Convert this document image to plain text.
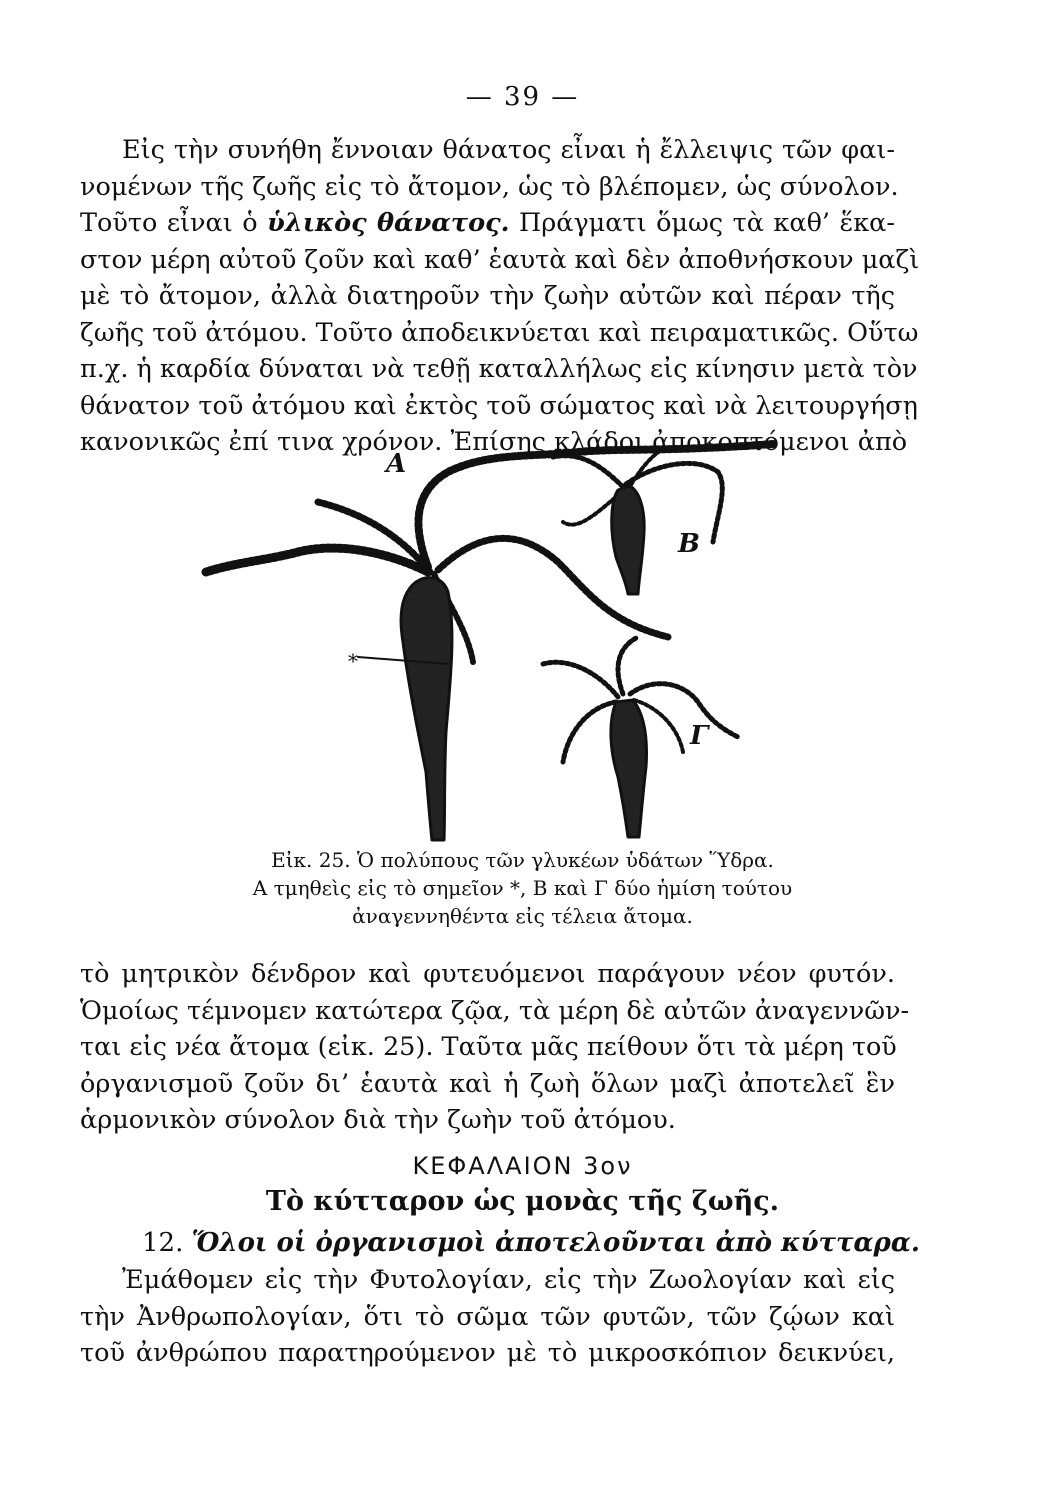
— 39 —
Εἰς τὴν συνήθη ἔννοιαν θάνατος εἶναι ἡ ἔλλειψις τῶν φαι-
νομένων τῆς ζωῆς εἰς τὸ ἄτομον, ὡς τὸ βλέπομεν, ὡς σύνολον.
Τοῦτο εἶναι ὁ ὑλικὸς θάνατος. Πράγματι ὅμως τὰ καθ’ ἕκα-
στον μέρη αὐτοῦ ζοῦν καὶ καθ’ ἑαυτὰ καὶ δὲν ἀποθνήσκουν μαζὶ
μὲ τὸ ἄτομον, ἀλλὰ διατηροῦν τὴν ζωὴν αὐτῶν καὶ πέραν τῆς
ζωῆς τοῦ ἀτόμου. Τοῦτο ἀποδεικνύεται καὶ πειραματικῶς. Οὕτω
π.χ. ἡ καρδία δύναται νὰ τεθῇ καταλλήλως εἰς κίνησιν μετὰ τὸν
θάνατον τοῦ ἀτόμου καὶ ἐκτὸς τοῦ σώματος καὶ νὰ λειτουργήσῃ
κανονικῶς ἐπί τινα χρόνον. Ἐπίσης κλάδοι ἀποκοπτόμενοι ἀπὸ
*
Α
Β
Γ
Εἰκ. 25. Ὁ πολύπους τῶν γλυκέων ὑδάτων Ὕδρα.
Α τμηθεὶς εἰς τὸ σημεῖον *, Β καὶ Γ δύο ἡμίση τούτου
ἀναγεννηθέντα εἰς τέλεια ἄτομα.
τὸ μητρικὸν δένδρον καὶ φυτευόμενοι παράγουν νέον φυτόν.
Ὁμοίως τέμνομεν κατώτερα ζῷα, τὰ μέρη δὲ αὐτῶν ἀναγεννῶν-
ται εἰς νέα ἄτομα (εἰκ. 25). Ταῦτα μᾶς πείθουν ὅτι τὰ μέρη τοῦ
ὀργανισμοῦ ζοῦν δι’ ἑαυτὰ καὶ ἡ ζωὴ ὅλων μαζὶ ἀποτελεῖ ἓν
ἁρμονικὸν σύνολον διὰ τὴν ζωὴν τοῦ ἀτόμου.
ΚΕΦΑΛΑΙΟΝ 3ον
Τὸ κύτταρον ὡς μονὰς τῆς ζωῆς.
12. Ὅλοι οἱ ὀργανισμοὶ ἀποτελοῦνται ἀπὸ κύτταρα.
Ἐμάθομεν εἰς τὴν Φυτολογίαν, εἰς τὴν Ζωολογίαν καὶ εἰς
τὴν Ἀνθρωπολογίαν, ὅτι τὸ σῶμα τῶν φυτῶν, τῶν ζῴων καὶ
τοῦ ἀνθρώπου παρατηρούμενον μὲ τὸ μικροσκόπιον δεικνύει,
